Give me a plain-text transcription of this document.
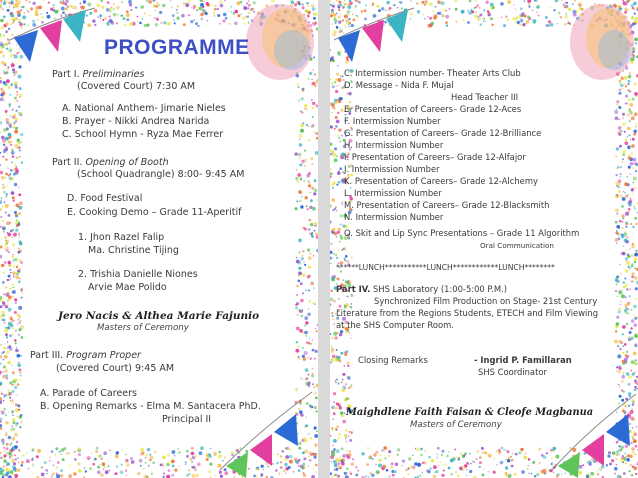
PROGRAMME
Part I. Preliminaries
(Covered Court) 7:30 AM
A. National Anthem- Jimarie Nieles
B. Prayer - Nikki Andrea Narida
C. School Hymn - Ryza Mae Ferrer
Part II. Opening of Booth
(School Quadrangle) 8:00- 9:45 AM
D. Food Festival
E. Cooking Demo – Grade 11-Aperitif
1. Jhon Razel Falip
Ma. Christine Tijing
2. Trishia Danielle Niones
Arvie Mae Polido
Jero Nacis & Althea Marie Fajunio
Masters of Ceremony
Part III. Program Proper
(Covered Court) 9:45 AM
A. Parade of Careers
B. Opening Remarks - Elma M. Santacera PhD.
Principal II
C. Intermission number- Theater Arts Club
D. Message - Nida F. Mujal
Head Teacher III
E. Presentation of Careers– Grade 12-Aces
F. Intermission Number
G. Presentation of Careers– Grade 12-Brilliance
H. Intermission Number
I. Presentation of Careers– Grade 12-Alfajor
J. Intermission Number
K. Presentation of Careers– Grade 12-Alchemy
L. Intermission Number
M. Presentation of Careers– Grade 12-Blacksmith
N. Intermission Number
O. Skit and Lip Sync Presentations – Grade 11 Algorithm
Oral Communication
******LUNCH***********LUNCH************LUNCH********
Part IV. SHS Laboratory (1:00-5:00 P.M.)
Synchronized Film Production on Stage- 21st Century
Literature from the Regions Students, ETECH and Film Viewing
at the SHS Computer Room.
Closing Remarks	- Ingrid P. Famillaran
SHS Coordinator
Maighdlene Faith Faisan & Cleofe Magbanua
Masters of Ceremony
